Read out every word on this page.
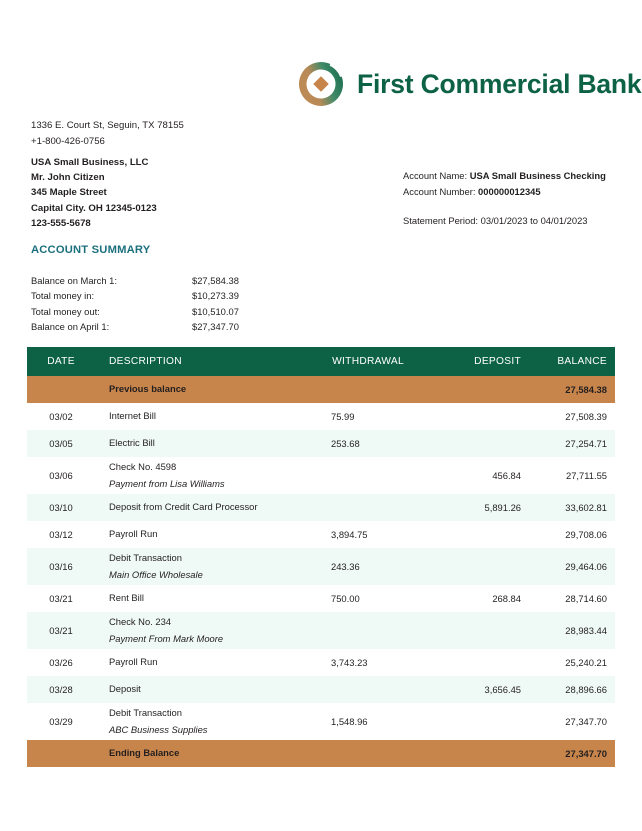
First Commercial Bank
1336 E. Court St, Seguin, TX 78155
+1-800-426-0756
USA Small Business, LLC
Mr. John Citizen
345 Maple Street
Capital City. OH 12345-0123
123-555-5678
Account Name: USA Small Business Checking
Account Number: 000000012345
Statement Period: 03/01/2023 to 04/01/2023
ACCOUNT SUMMARY
Balance on March 1:	$27,584.38
Total money in:	$10,273.39
Total money out:	$10,510.07
Balance on April 1:	$27,347.70
DATE	DESCRIPTION	WITHDRAWAL	DEPOSIT	BALANCE
	Previous balance			27,584.38
03/02	Internet Bill	75.99		27,508.39
03/05	Electric Bill	253.68		27,254.71
03/06	Check No. 4598
Payment from Lisa Williams		456.84	27,711.55
03/10	Deposit from Credit Card Processor		5,891.26	33,602.81
03/12	Payroll Run	3,894.75		29,708.06
03/16	Debit Transaction
Main Office Wholesale	243.36		29,464.06
03/21	Rent Bill	750.00	268.84	28,714.60
03/21	Check No. 234
Payment From Mark Moore			28,983.44
03/26	Payroll Run	3,743.23		25,240.21
03/28	Deposit		3,656.45	28,896.66
03/29	Debit Transaction
ABC Business Supplies	1,548.96		27,347.70
	Ending Balance			27,347.70
